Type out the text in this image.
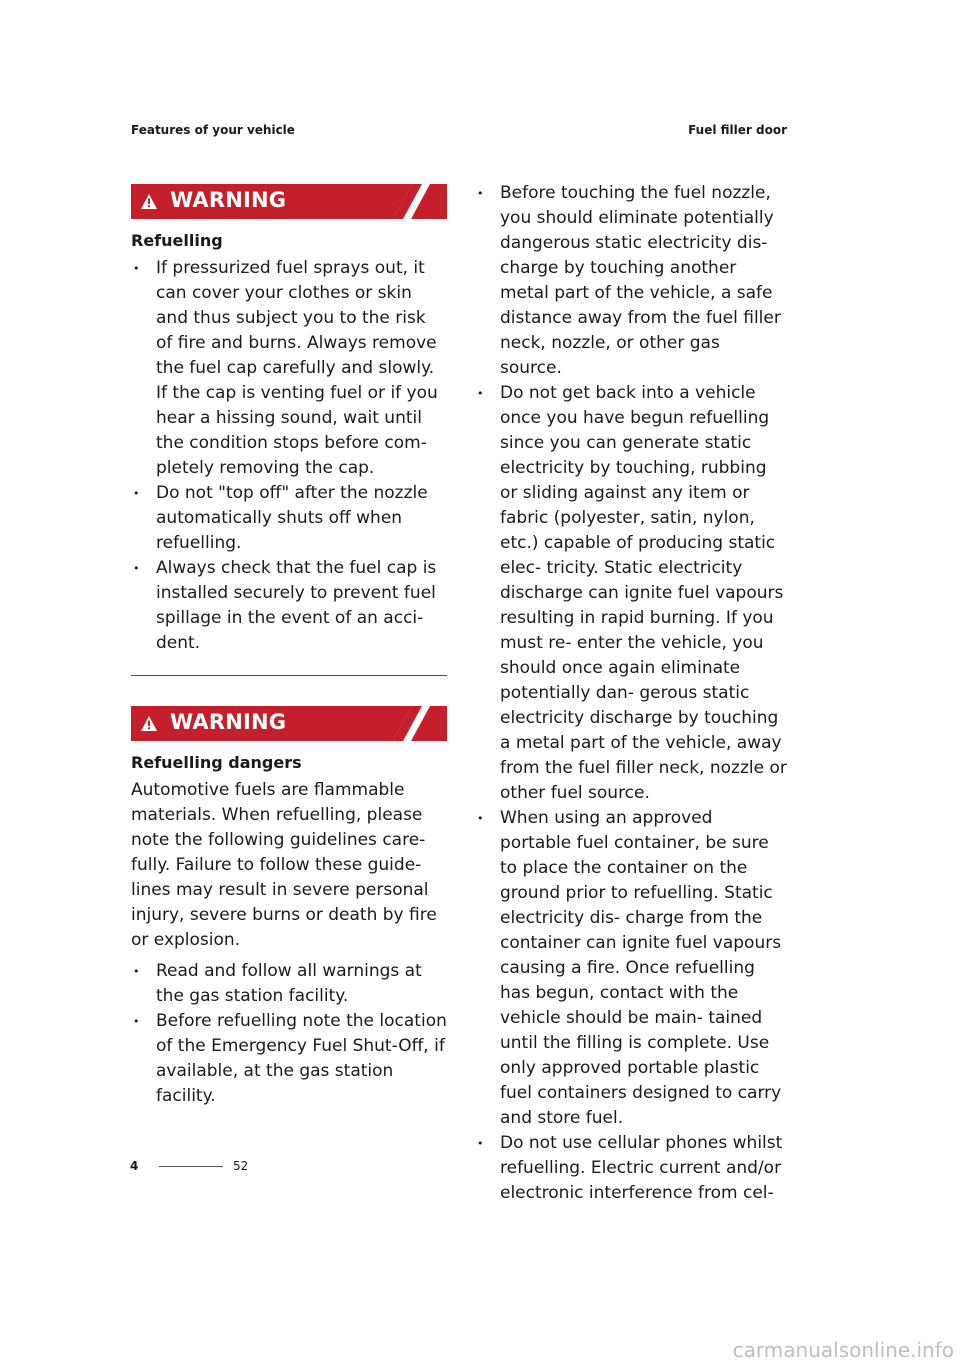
Features of your vehicle	Fuel filler door
WARNING
Refuelling
• If pressurized fuel sprays out, it can cover your clothes or skin and thus subject you to the risk of fire and burns. Always remove the fuel cap carefully and slowly. If the cap is venting fuel or if you hear a hissing sound, wait until the condition stops before com- pletely removing the cap.
• Do not "top off" after the nozzle automatically shuts off when refuelling.
• Always check that the fuel cap is installed securely to prevent fuel spillage in the event of an acci- dent.
WARNING
Refuelling dangers

Automotive fuels are flammable materials. When refuelling, please note the following guidelines care- fully. Failure to follow these guide- lines may result in severe personal injury, severe burns or death by fire or explosion.

• Read and follow all warnings at the gas station facility.
• Before refuelling note the location of the Emergency Fuel Shut-Off, if available, at the gas station facility.
• Before touching the fuel nozzle, you should eliminate potentially dangerous static electricity dis- charge by touching another metal part of the vehicle, a safe distance away from the fuel filler neck, nozzle, or other gas source.
• Do not get back into a vehicle once you have begun refuelling since you can generate static electricity by touching, rubbing or sliding against any item or fabric (polyester, satin, nylon, etc.) capable of producing static elec- tricity. Static electricity discharge can ignite fuel vapours resulting in rapid burning. If you must re- enter the vehicle, you should once again eliminate potentially dan- gerous static electricity discharge by touching a metal part of the vehicle, away from the fuel filler neck, nozzle or other fuel source.
• When using an approved portable fuel container, be sure to place the container on the ground prior to refuelling. Static electricity dis- charge from the container can ignite fuel vapours causing a fire. Once refuelling has begun, contact with the vehicle should be main- tained until the filling is complete. Use only approved portable plastic fuel containers designed to carry and store fuel.
• Do not use cellular phones whilst refuelling. Electric current and/or electronic interference from cel-
4	52
carmanualsonline.info
